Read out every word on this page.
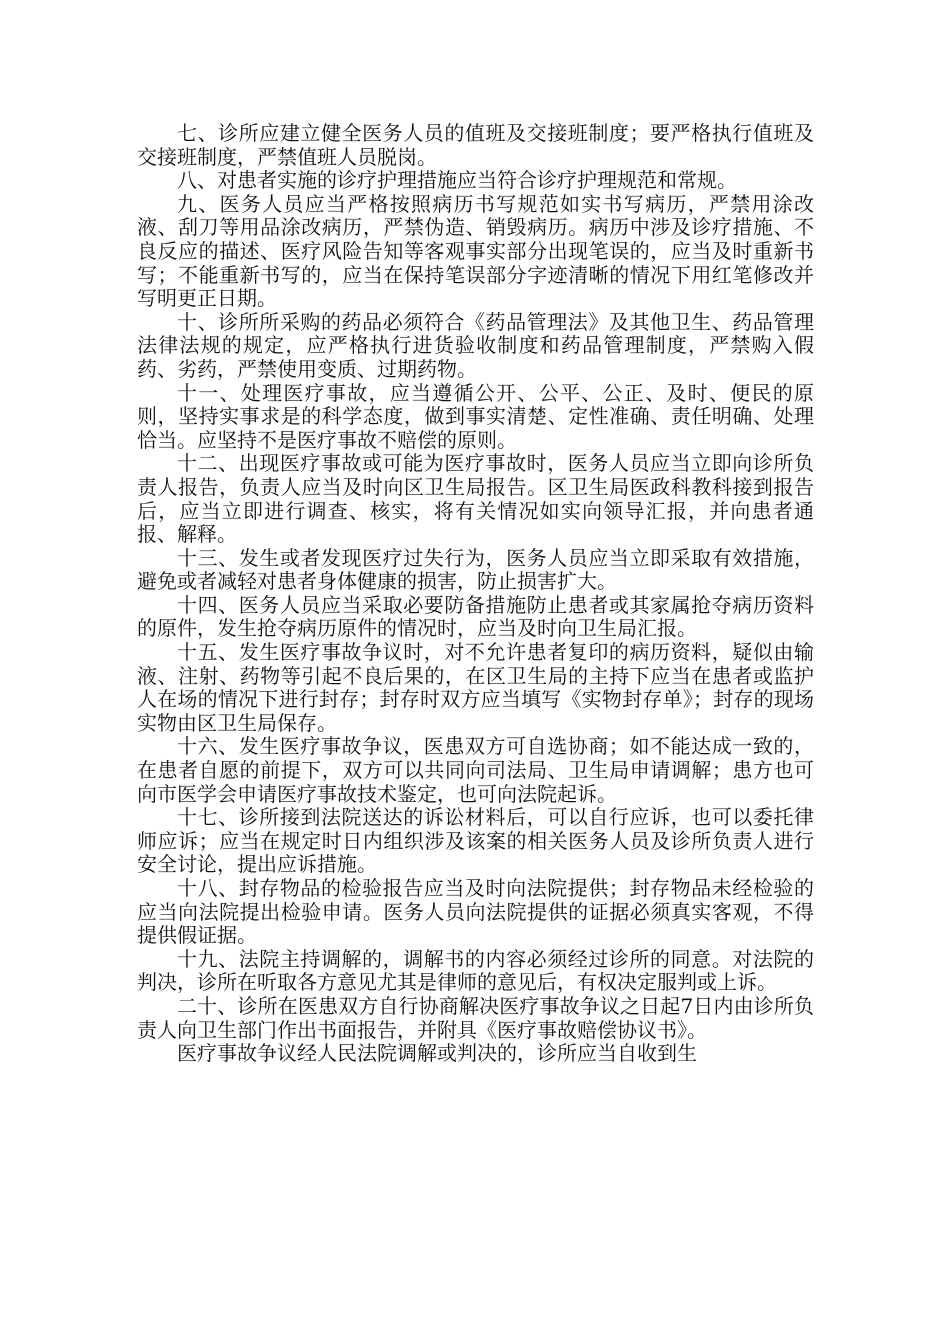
七、诊所应建立健全医务人员的值班及交接班制度；要严格执行值班及交接班制度，严禁值班人员脱岗。

八、对患者实施的诊疗护理措施应当符合诊疗护理规范和常规。

九、医务人员应当严格按照病历书写规范如实书写病历，严禁用涂改液、刮刀等用品涂改病历，严禁伪造、销毁病历。病历中涉及诊疗措施、不良反应的描述、医疗风险告知等客观事实部分出现笔误的，应当及时重新书写；不能重新书写的，应当在保持笔误部分字迹清晰的情况下用红笔修改并写明更正日期。

十、诊所所采购的药品必须符合《药品管理法》及其他卫生、药品管理法律法规的规定，应严格执行进货验收制度和药品管理制度，严禁购入假药、劣药，严禁使用变质、过期药物。

十一、处理医疗事故，应当遵循公开、公平、公正、及时、便民的原则，坚持实事求是的科学态度，做到事实清楚、定性准确、责任明确、处理恰当。应坚持不是医疗事故不赔偿的原则。

十二、出现医疗事故或可能为医疗事故时，医务人员应当立即向诊所负责人报告，负责人应当及时向区卫生局报告。区卫生局医政科教科接到报告后，应当立即进行调查、核实，将有关情况如实向领导汇报，并向患者通报、解释。

十三、发生或者发现医疗过失行为，医务人员应当立即采取有效措施，避免或者减轻对患者身体健康的损害，防止损害扩大。

十四、医务人员应当采取必要防备措施防止患者或其家属抢夺病历资料的原件，发生抢夺病历原件的情况时，应当及时向卫生局汇报。

十五、发生医疗事故争议时，对不允许患者复印的病历资料，疑似由输液、注射、药物等引起不良后果的，在区卫生局的主持下应当在患者或监护人在场的情况下进行封存；封存时双方应当填写《实物封存单》；封存的现场实物由区卫生局保存。

十六、发生医疗事故争议，医患双方可自选协商；如不能达成一致的，在患者自愿的前提下，双方可以共同向司法局、卫生局申请调解；患方也可向市医学会申请医疗事故技术鉴定，也可向法院起诉。

十七、诊所接到法院送达的诉讼材料后，可以自行应诉，也可以委托律师应诉；应当在规定时日内组织涉及该案的相关医务人员及诊所负责人进行安全讨论，提出应诉措施。

十八、封存物品的检验报告应当及时向法院提供；封存物品未经检验的应当向法院提出检验申请。医务人员向法院提供的证据必须真实客观，不得提供假证据。

十九、法院主持调解的，调解书的内容必须经过诊所的同意。对法院的判决，诊所在听取各方意见尤其是律师的意见后，有权决定服判或上诉。

二十、诊所在医患双方自行协商解决医疗事故争议之日起7日内由诊所负责人向卫生部门作出书面报告，并附具《医疗事故赔偿协议书》。

医疗事故争议经人民法院调解或判决的，诊所应当自收到生
